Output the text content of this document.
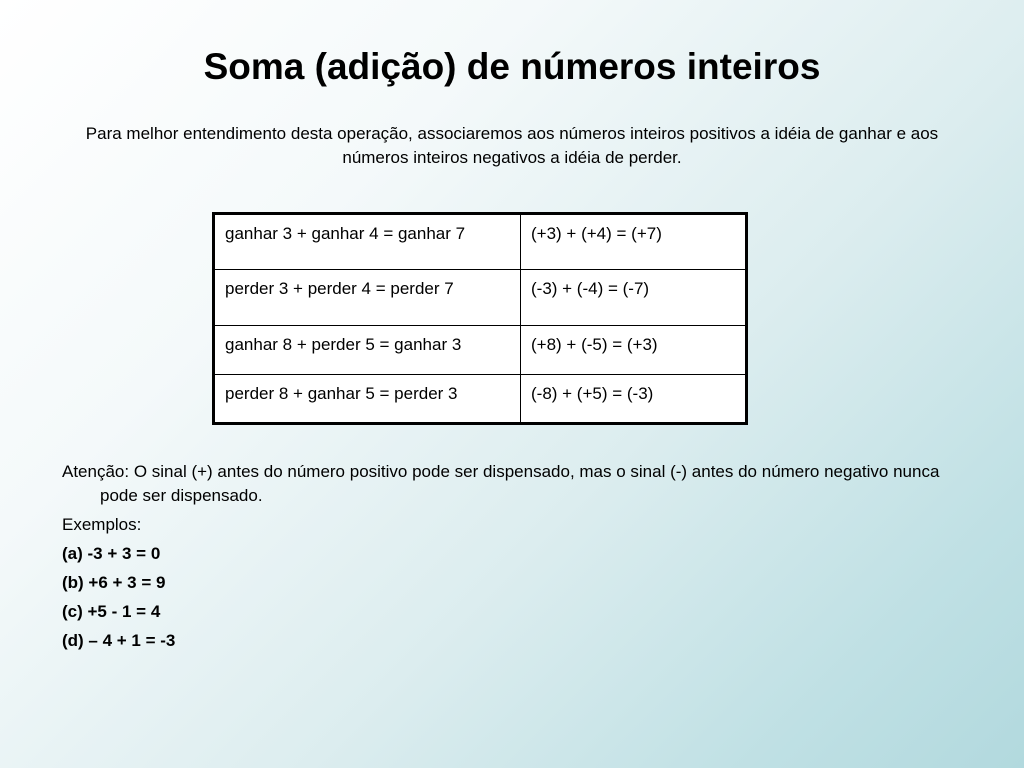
Soma (adição) de números inteiros
Para melhor entendimento desta operação, associaremos aos números inteiros positivos a idéia de ganhar e aos números inteiros negativos a idéia de perder.
ganhar 3 + ganhar 4 = ganhar 7	(+3) + (+4) = (+7)
perder 3 + perder 4 = perder 7	(-3) + (-4) = (-7)
ganhar 8 + perder 5 = ganhar 3	(+8) + (-5) = (+3)
perder 8 + ganhar 5 = perder 3	(-8) + (+5) = (-3)

Atenção: O sinal (+) antes do número positivo pode ser dispensado, mas o sinal (-) antes do número negativo nunca pode ser dispensado.

Exemplos:

(a) -3 + 3 = 0

(b) +6 + 3 = 9

(c) +5 - 1 = 4

(d) – 4 + 1 = -3
